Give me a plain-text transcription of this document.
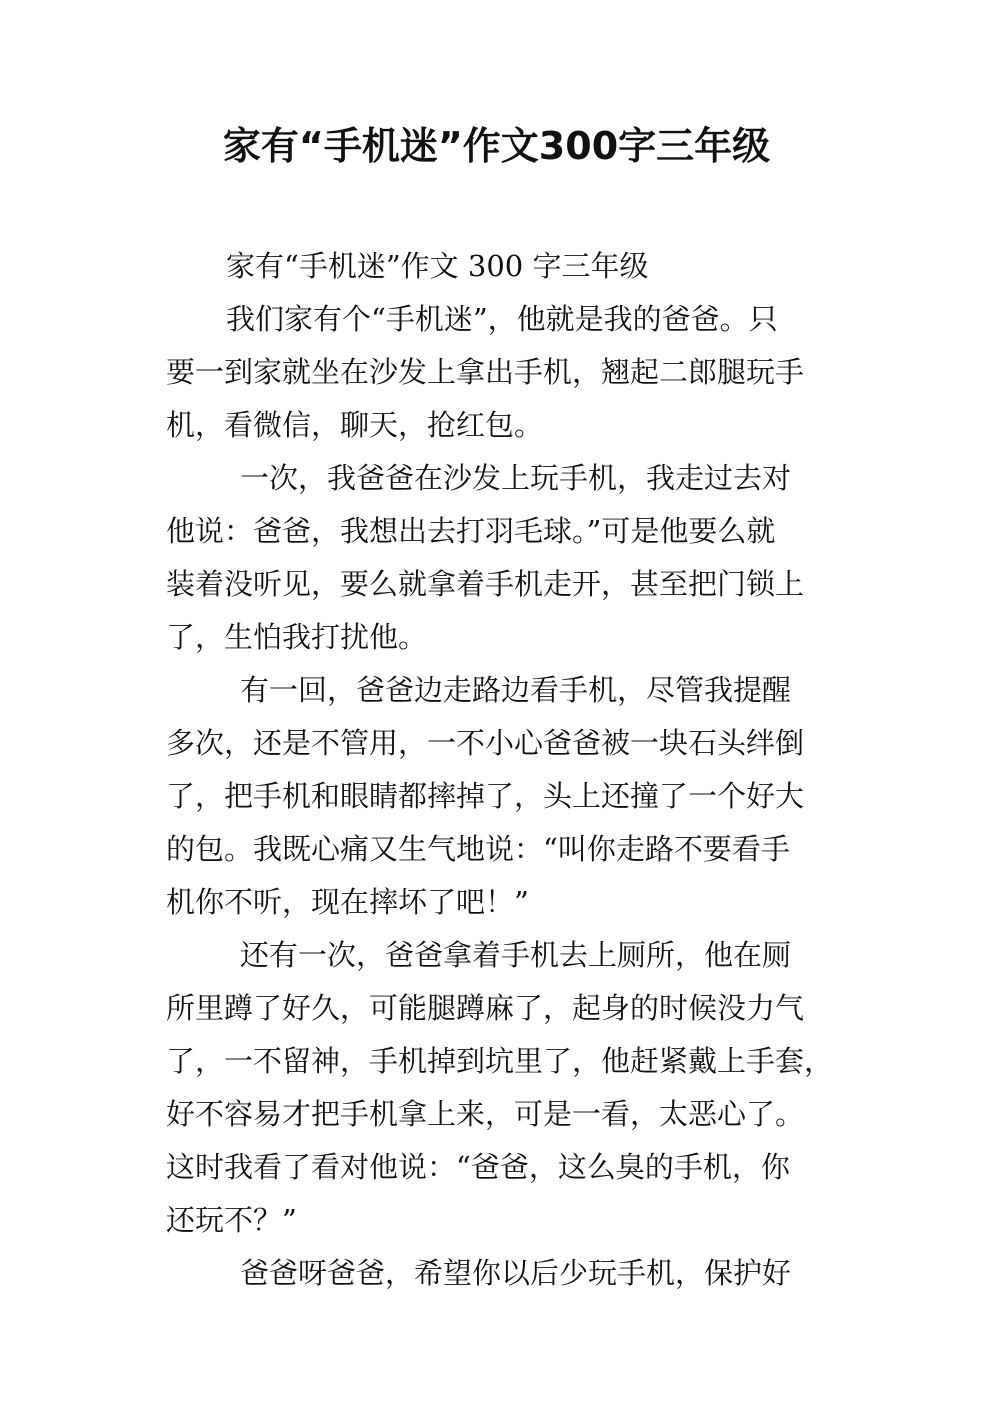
家有“手机迷”作文300字三年级

家有“手机迷”作文 300 字三年级

我们家有个“手机迷”，他就是我的爸爸。只
要一到家就坐在沙发上拿出手机，翘起二郎腿玩手
机，看微信，聊天，抢红包。

一次，我爸爸在沙发上玩手机，我走过去对
他说：爸爸，我想出去打羽毛球。”可是他要么就
装着没听见，要么就拿着手机走开，甚至把门锁上
了，生怕我打扰他。

有一回，爸爸边走路边看手机，尽管我提醒
多次，还是不管用，一不小心爸爸被一块石头绊倒
了，把手机和眼睛都摔掉了，头上还撞了一个好大
的包。我既心痛又生气地说：“叫你走路不要看手
机你不听，现在摔坏了吧！”

还有一次，爸爸拿着手机去上厕所，他在厕
所里蹲了好久，可能腿蹲麻了，起身的时候没力气
了，一不留神，手机掉到坑里了，他赶紧戴上手套，
好不容易才把手机拿上来，可是一看，太恶心了。
这时我看了看对他说：“爸爸，这么臭的手机，你
还玩不？”

爸爸呀爸爸，希望你以后少玩手机，保护好
